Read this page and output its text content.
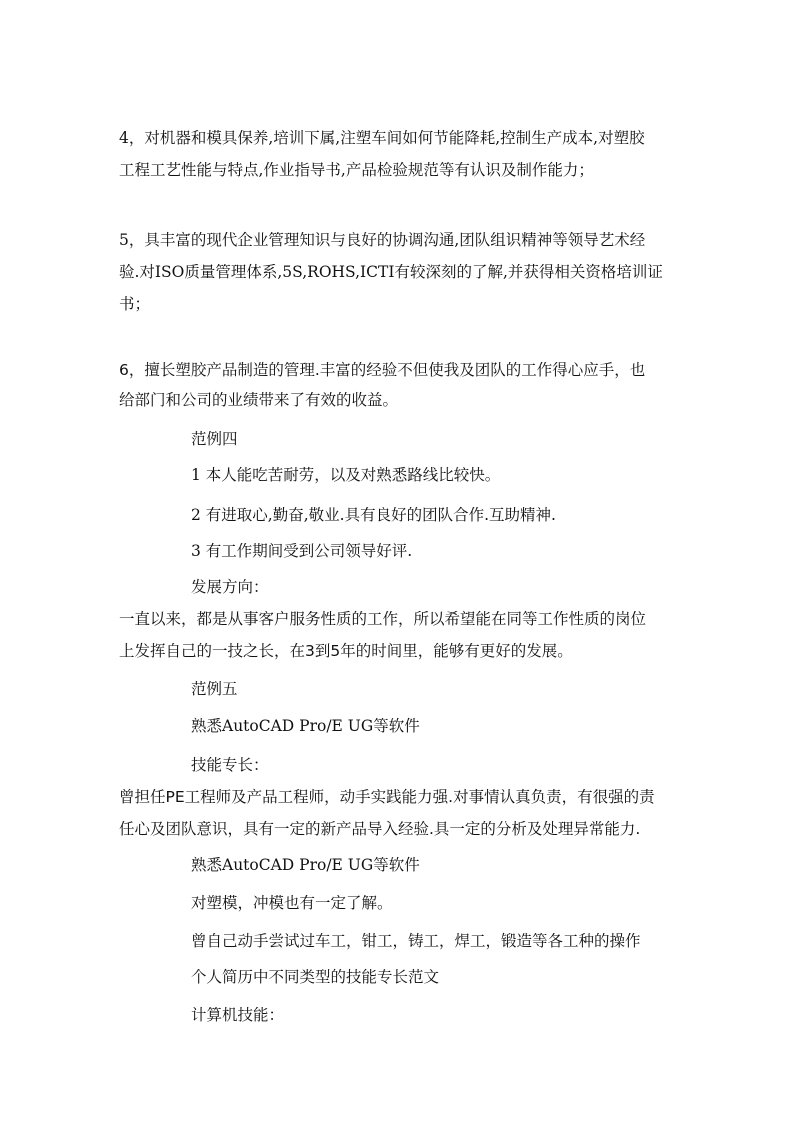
4，对机器和模具保养,培训下属,注塑车间如何节能降耗,控制生产成本,对塑胶
工程工艺性能与特点,作业指导书,产品检验规范等有认识及制作能力；
5，具丰富的现代企业管理知识与良好的协调沟通,团队组识精神等领导艺术经
验.对ISO质量管理体系,5S,ROHS,ICTI有较深刻的了解,并获得相关资格培训证
书；
6，擅长塑胶产品制造的管理.丰富的经验不但使我及团队的工作得心应手，也
给部门和公司的业绩带来了有效的收益。
范例四
1 本人能吃苦耐劳，以及对熟悉路线比较快。
2 有进取心,勤奋,敬业.具有良好的团队合作.互助精神.
3 有工作期间受到公司领导好评.
发展方向：
一直以来，都是从事客户服务性质的工作，所以希望能在同等工作性质的岗位
上发挥自己的一技之长，在3到5年的时间里，能够有更好的发展。
范例五
熟悉AutoCAD Pro/E UG等软件
技能专长：
曾担任PE工程师及产品工程师，动手实践能力强.对事情认真负责，有很强的责
任心及团队意识，具有一定的新产品导入经验.具一定的分析及处理异常能力.
熟悉AutoCAD Pro/E UG等软件
对塑模，冲模也有一定了解。
曾自己动手尝试过车工，钳工，铸工，焊工，锻造等各工种的操作
个人简历中不同类型的技能专长范文
计算机技能：
